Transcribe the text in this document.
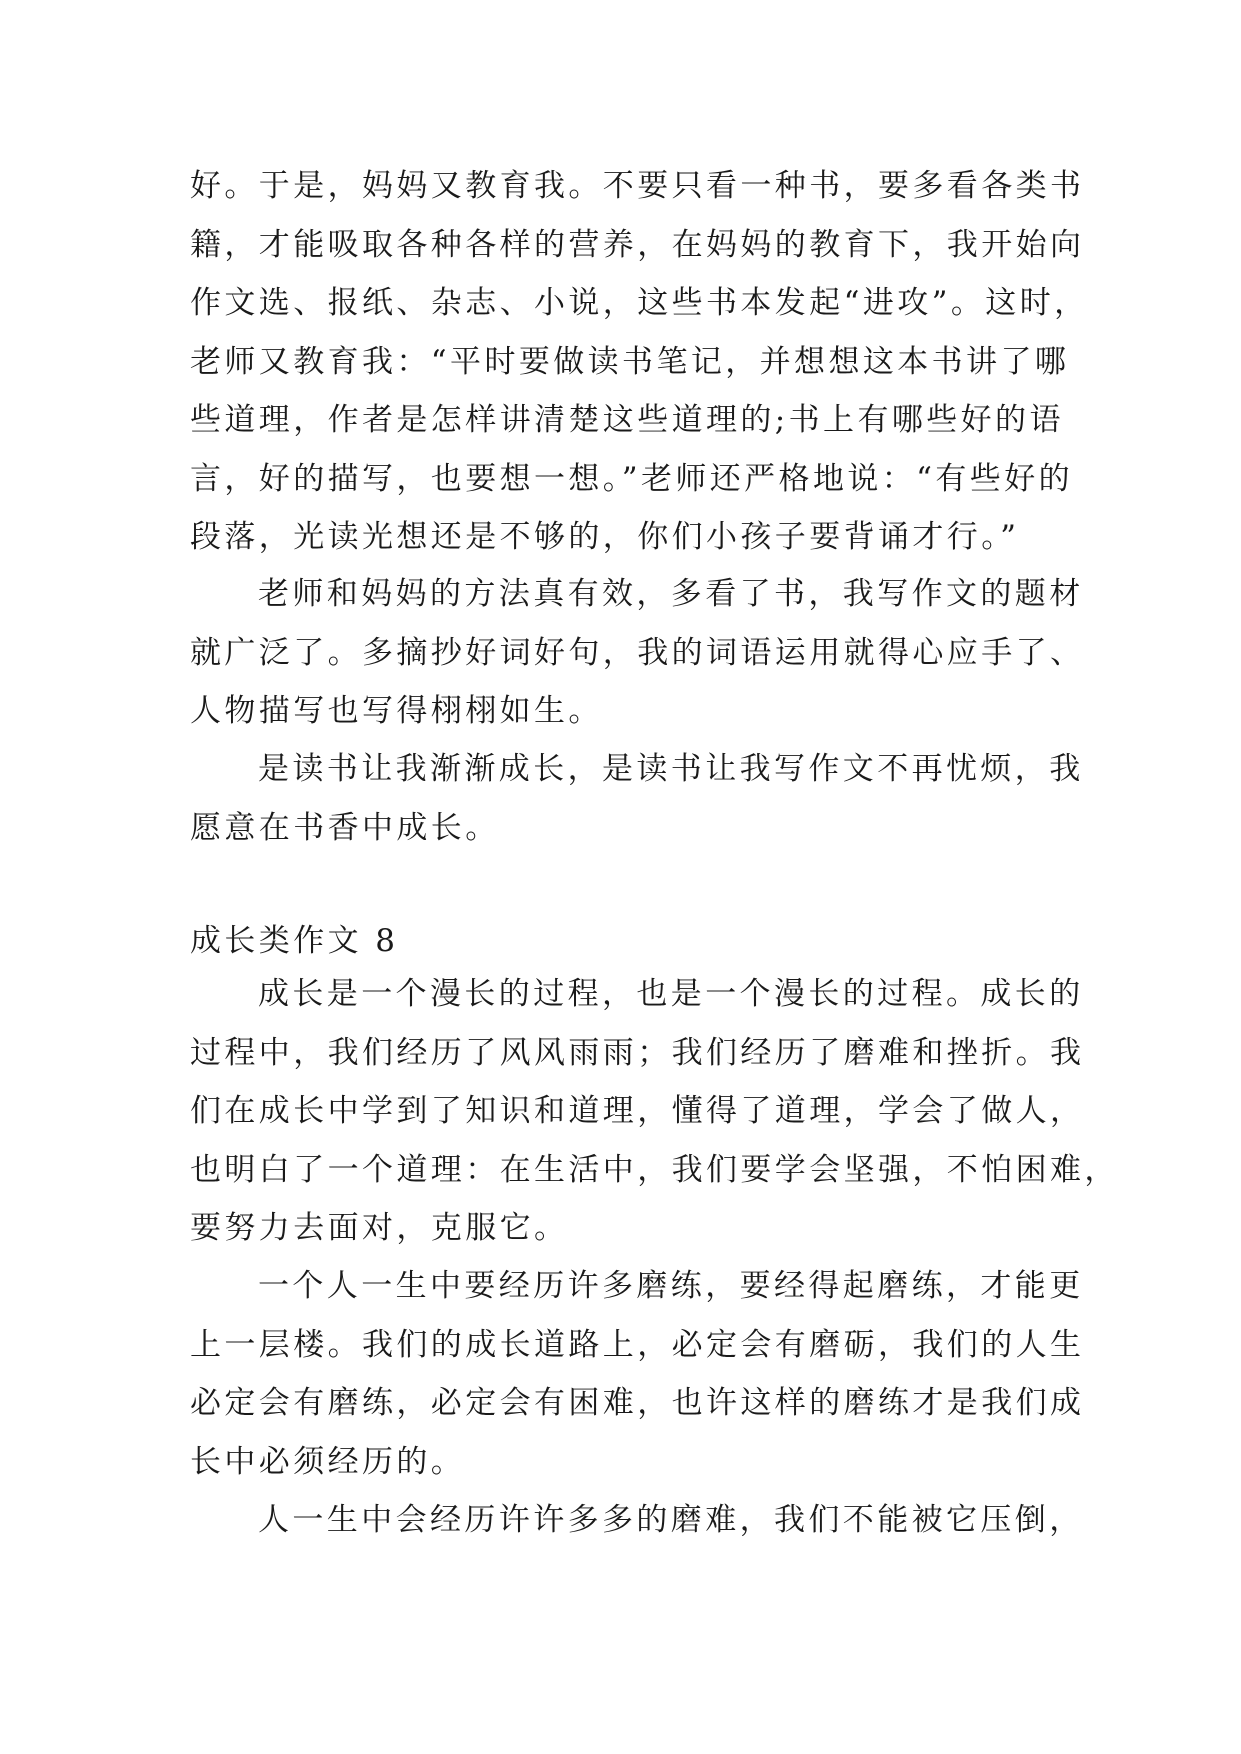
好。于是，妈妈又教育我。不要只看一种书，要多看各类书
籍，才能吸取各种各样的营养，在妈妈的教育下，我开始向
作文选、报纸、杂志、小说，这些书本发起“进攻”。这时，
老师又教育我：“平时要做读书笔记，并想想这本书讲了哪
些道理，作者是怎样讲清楚这些道理的;书上有哪些好的语
言，好的描写，也要想一想。”老师还严格地说：“有些好的
段落，光读光想还是不够的，你们小孩子要背诵才行。”
老师和妈妈的方法真有效，多看了书，我写作文的题材
就广泛了。多摘抄好词好句，我的词语运用就得心应手了、
人物描写也写得栩栩如生。
是读书让我渐渐成长，是读书让我写作文不再忧烦，我
愿意在书香中成长。
成长类作文 8
成长是一个漫长的过程，也是一个漫长的过程。成长的
过程中，我们经历了风风雨雨；我们经历了磨难和挫折。我
们在成长中学到了知识和道理，懂得了道理，学会了做人，
也明白了一个道理：在生活中，我们要学会坚强，不怕困难，
要努力去面对，克服它。
一个人一生中要经历许多磨练，要经得起磨练，才能更
上一层楼。我们的成长道路上，必定会有磨砺，我们的人生
必定会有磨练，必定会有困难，也许这样的磨练才是我们成
长中必须经历的。
人一生中会经历许许多多的磨难，我们不能被它压倒，
